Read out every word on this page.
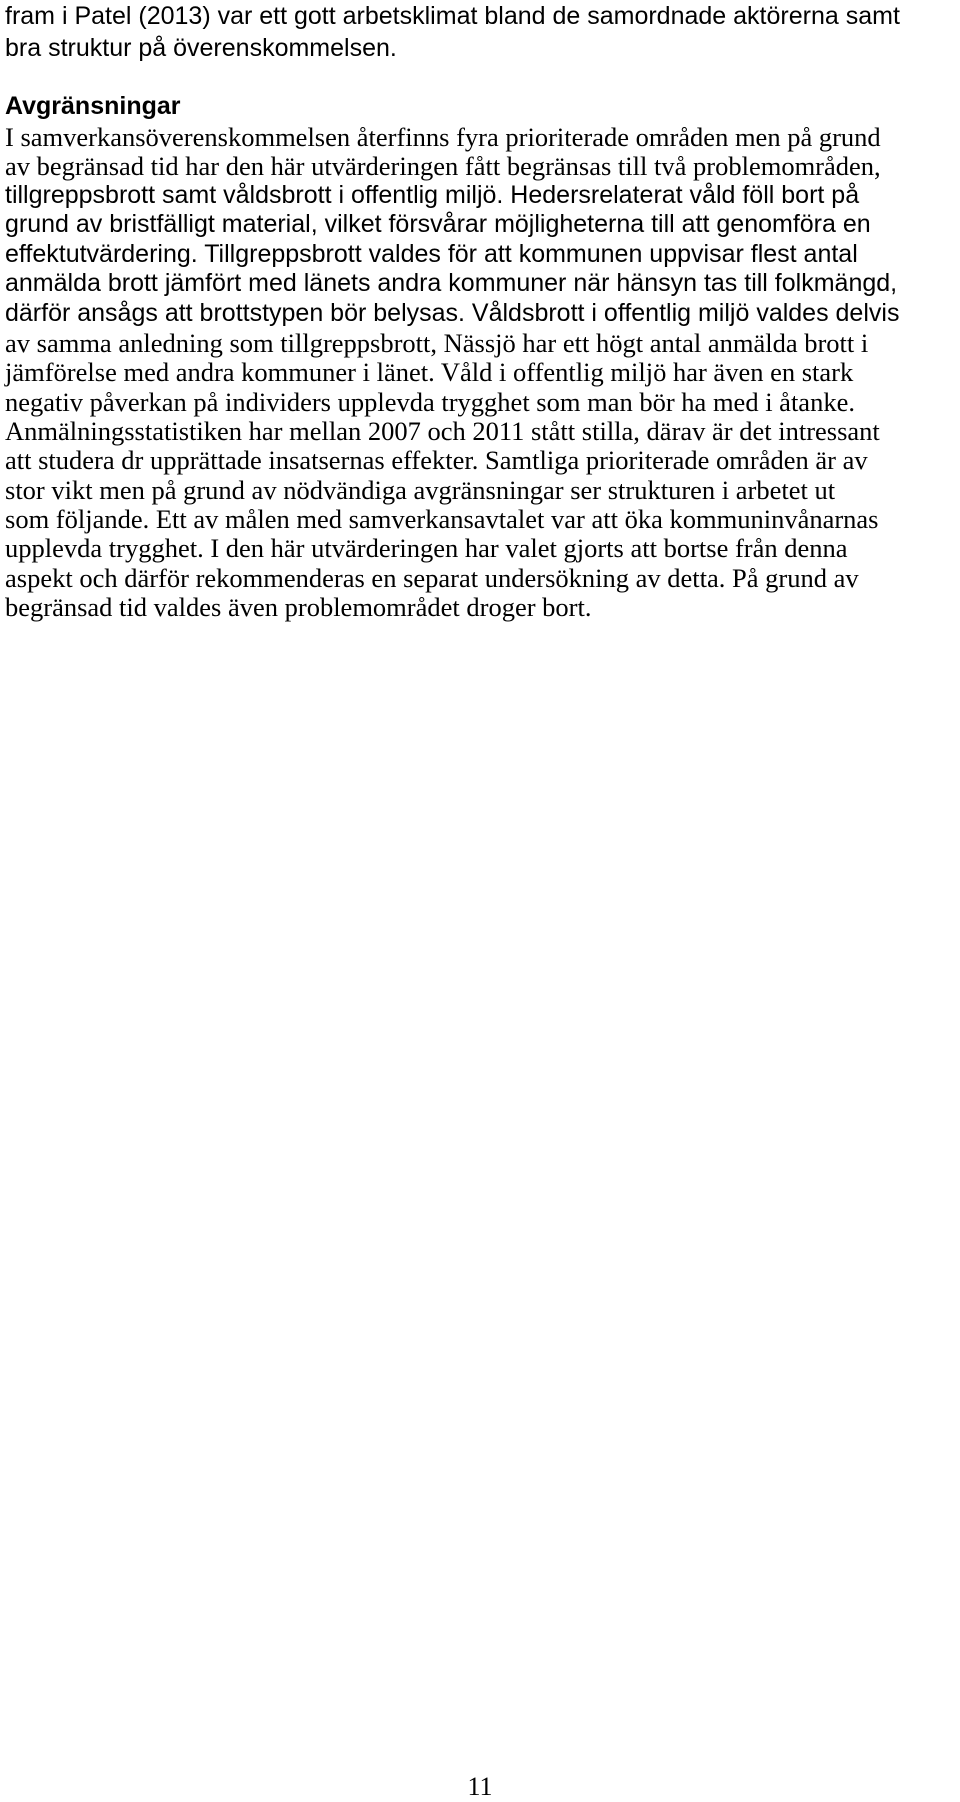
fram i Patel (2013) var ett gott arbetsklimat bland de samordnade aktörerna samt

bra struktur på överenskommelsen.

Avgränsningar

I samverkansöverenskommelsen återfinns fyra prioriterade områden men på grund

av begränsad tid har den här utvärderingen fått begränsas till två problemområden,

tillgreppsbrott samt våldsbrott i offentlig miljö. Hedersrelaterat våld föll bort på

grund av bristfälligt material, vilket försvårar möjligheterna till att genomföra en

effektutvärdering. Tillgreppsbrott valdes för att kommunen uppvisar flest antal

anmälda brott jämfört med länets andra kommuner när hänsyn tas till folkmängd,

därför ansågs att brottstypen bör belysas. Våldsbrott i offentlig miljö valdes delvis

av samma anledning som tillgreppsbrott, Nässjö har ett högt antal anmälda brott i

jämförelse med andra kommuner i länet. Våld i offentlig miljö har även en stark

negativ påverkan på individers upplevda trygghet som man bör ha med i åtanke.

Anmälningsstatistiken har mellan 2007 och 2011 stått stilla, därav är det intressant

att studera dr upprättade insatsernas effekter. Samtliga prioriterade områden är av

stor vikt men på grund av nödvändiga avgränsningar ser strukturen i arbetet ut

som följande. Ett av målen med samverkansavtalet var att öka kommuninvånarnas

upplevda trygghet. I den här utvärderingen har valet gjorts att bortse från denna

aspekt och därför rekommenderas en separat undersökning av detta. På grund av

begränsad tid valdes även problemområdet droger bort.

11
